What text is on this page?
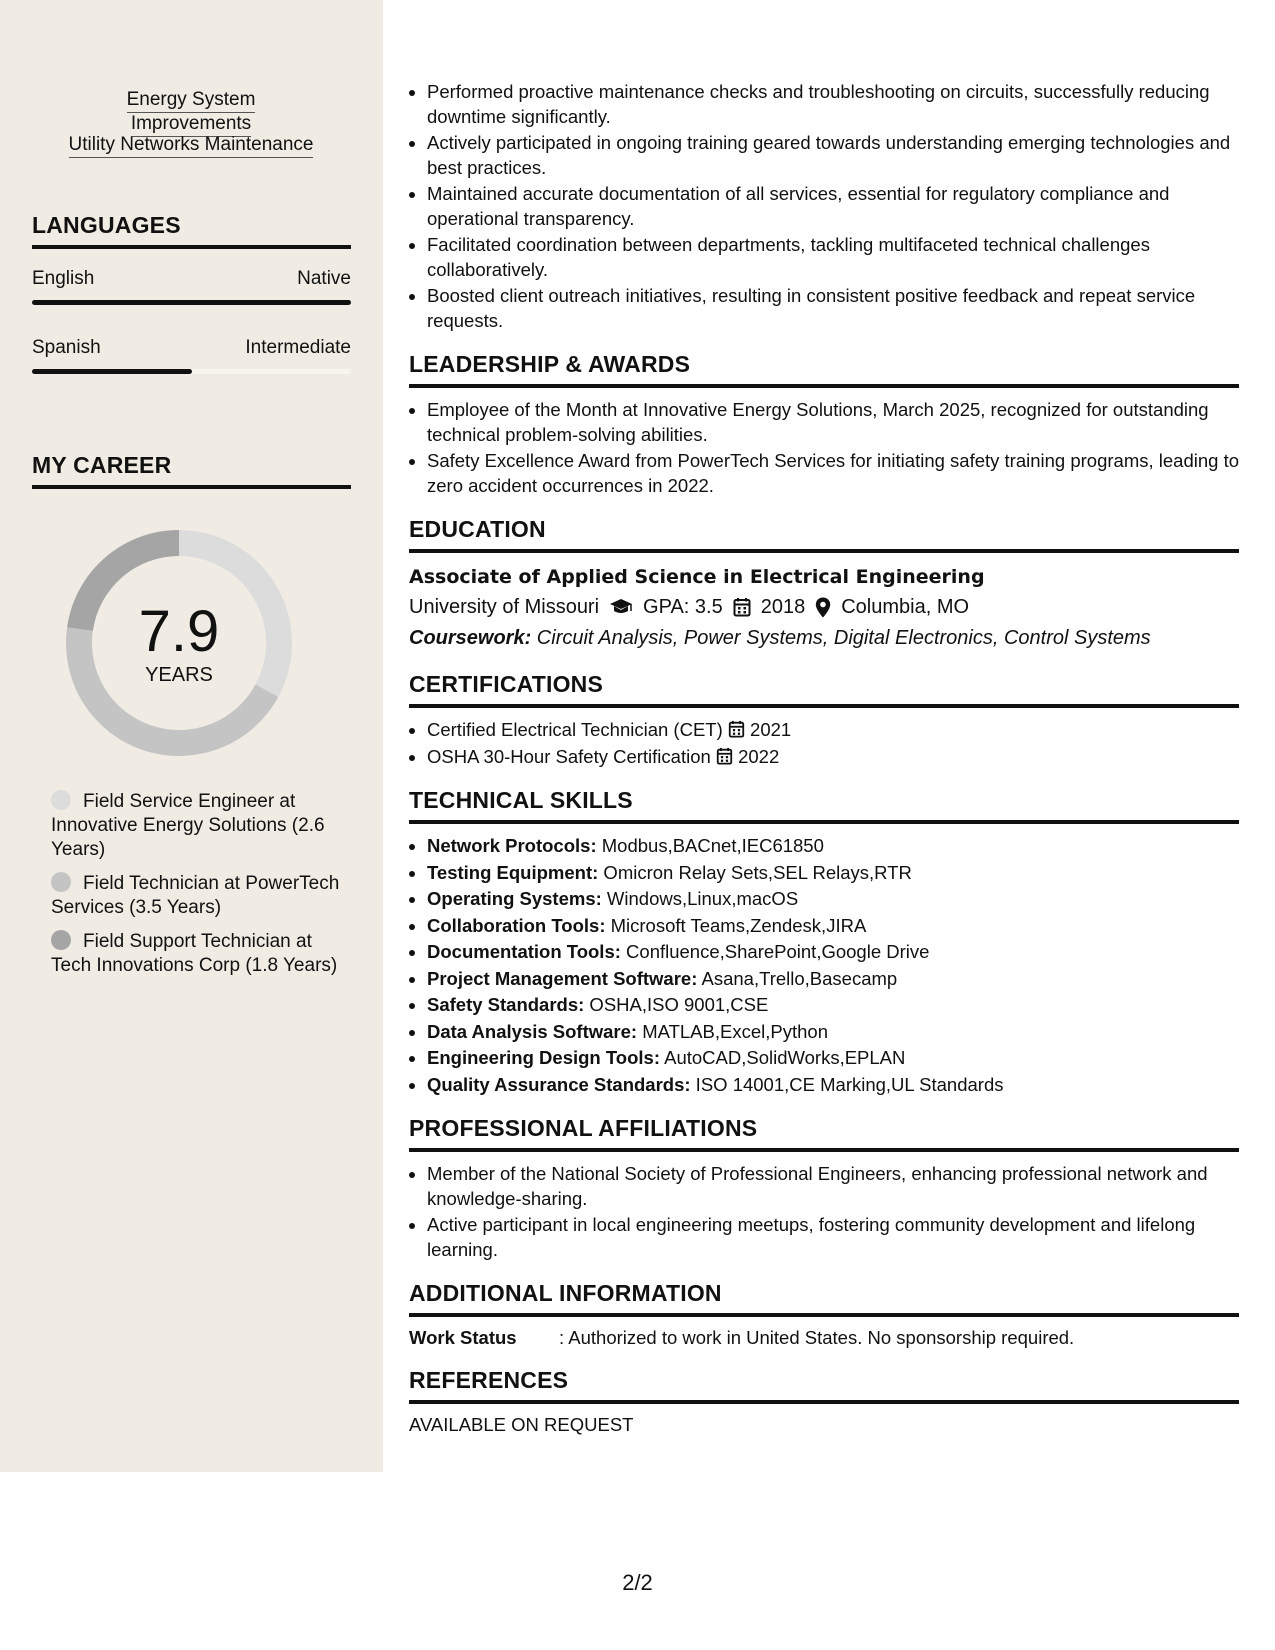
Energy System Improvements
Utility Networks Maintenance
LANGUAGES
English	Native
Spanish	Intermediate
MY CAREER
7.9
YEARS
Field Service Engineer at Innovative Energy Solutions (2.6 Years)
Field Technician at PowerTech Services (3.5 Years)
Field Support Technician at Tech Innovations Corp (1.8 Years)
• Performed proactive maintenance checks and troubleshooting on circuits, successfully reducing downtime significantly.
• Actively participated in ongoing training geared towards understanding emerging technologies and best practices.
• Maintained accurate documentation of all services, essential for regulatory compliance and operational transparency.
• Facilitated coordination between departments, tackling multifaceted technical challenges collaboratively.
• Boosted client outreach initiatives, resulting in consistent positive feedback and repeat service requests.
LEADERSHIP & AWARDS
• Employee of the Month at Innovative Energy Solutions, March 2025, recognized for outstanding technical problem-solving abilities.
• Safety Excellence Award from PowerTech Services for initiating safety training programs, leading to zero accident occurrences in 2022.
EDUCATION
Associate of Applied Science in Electrical Engineering
University of Missouri GPA: 3.5 2018 Columbia, MO
Coursework: Circuit Analysis, Power Systems, Digital Electronics, Control Systems
CERTIFICATIONS
• Certified Electrical Technician (CET) 2021
• OSHA 30-Hour Safety Certification 2022
TECHNICAL SKILLS
• Network Protocols: Modbus,BACnet,IEC61850
• Testing Equipment: Omicron Relay Sets,SEL Relays,RTR
• Operating Systems: Windows,Linux,macOS
• Collaboration Tools: Microsoft Teams,Zendesk,JIRA
• Documentation Tools: Confluence,SharePoint,Google Drive
• Project Management Software: Asana,Trello,Basecamp
• Safety Standards: OSHA,ISO 9001,CSE
• Data Analysis Software: MATLAB,Excel,Python
• Engineering Design Tools: AutoCAD,SolidWorks,EPLAN
• Quality Assurance Standards: ISO 14001,CE Marking,UL Standards
PROFESSIONAL AFFILIATIONS
• Member of the National Society of Professional Engineers, enhancing professional network and knowledge-sharing.
• Active participant in local engineering meetups, fostering community development and lifelong learning.
ADDITIONAL INFORMATION
Work Status	: Authorized to work in United States. No sponsorship required.
REFERENCES
AVAILABLE ON REQUEST
2/2
